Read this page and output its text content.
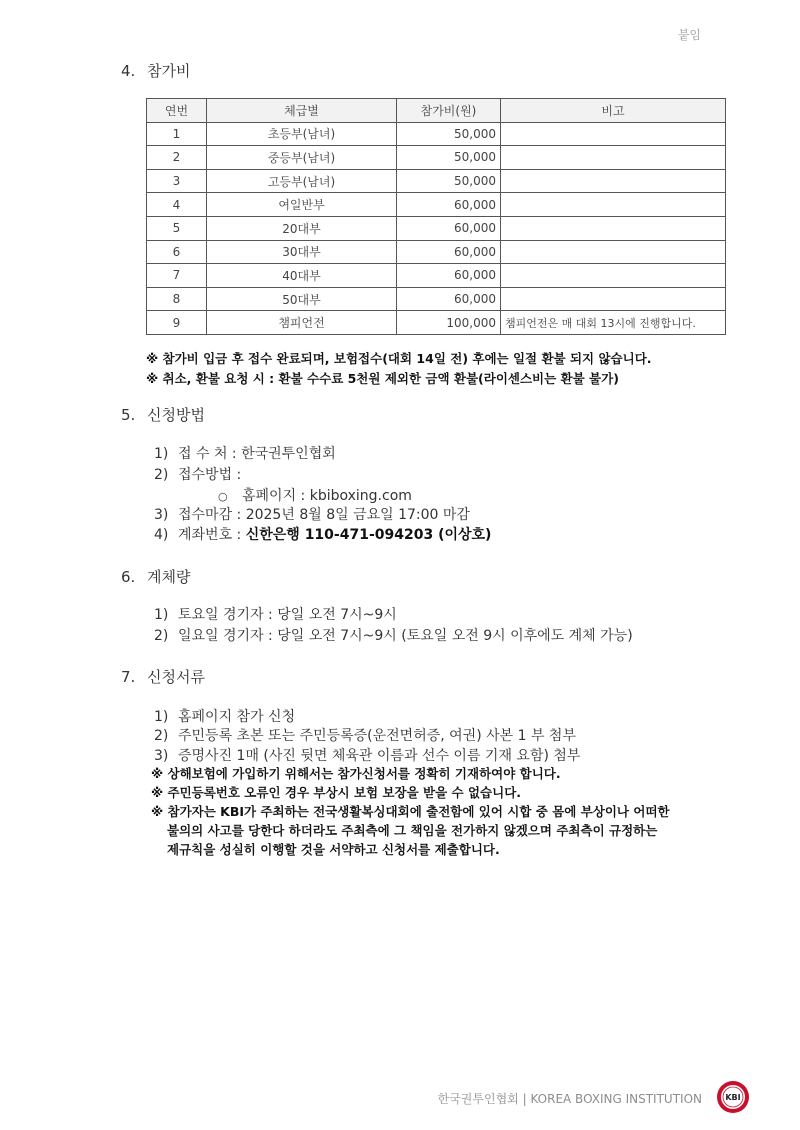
붙임
4. 참가비
연번	체급별	참가비(원)	비고
1	초등부(남녀)	50,000	
2	중등부(남녀)	50,000	
3	고등부(남녀)	50,000	
4	여일반부	60,000	
5	20대부	60,000	
6	30대부	60,000	
7	40대부	60,000	
8	50대부	60,000	
9	챔피언전	100,000	챔피언전은 매 대회 13시에 진행합니다.
※ 참가비 입금 후 접수 완료되며, 보험접수(대회 14일 전) 후에는 일절 환불 되지 않습니다.
※ 취소, 환불 요청 시 : 환불 수수료 5천원 제외한 금액 환불(라이센스비는 환불 불가)
5. 신청방법
1) 접 수 처 : 한국권투인협회
2) 접수방법 :
○ 홈페이지 : kbiboxing.com
3) 접수마감 : 2025년 8월 8일 금요일 17:00 마감
4) 계좌번호 : 신한은행 110-471-094203 (이상호)
6. 계체량
1) 토요일 경기자 : 당일 오전 7시~9시
2) 일요일 경기자 : 당일 오전 7시~9시 (토요일 오전 9시 이후에도 계체 가능)
7. 신청서류
1) 홈페이지 참가 신청
2) 주민등록 초본 또는 주민등록증(운전면허증, 여권) 사본 1 부 첨부
3) 증명사진 1매 (사진 뒷면 체육관 이름과 선수 이름 기재 요함) 첨부
※ 상해보험에 가입하기 위해서는 참가신청서를 정확히 기재하여야 합니다.
※ 주민등록번호 오류인 경우 부상시 보험 보장을 받을 수 없습니다.
※ 참가자는 KBI가 주최하는 전국생활복싱대회에 출전함에 있어 시합 중 몸에 부상이나 어떠한
불의의 사고를 당한다 하더라도 주최측에 그 책임을 전가하지 않겠으며 주최측이 규정하는
제규칙을 성실히 이행할 것을 서약하고 신청서를 제출합니다.
한국권투인협회 | KOREA BOXING INSTITUTION	KBI
